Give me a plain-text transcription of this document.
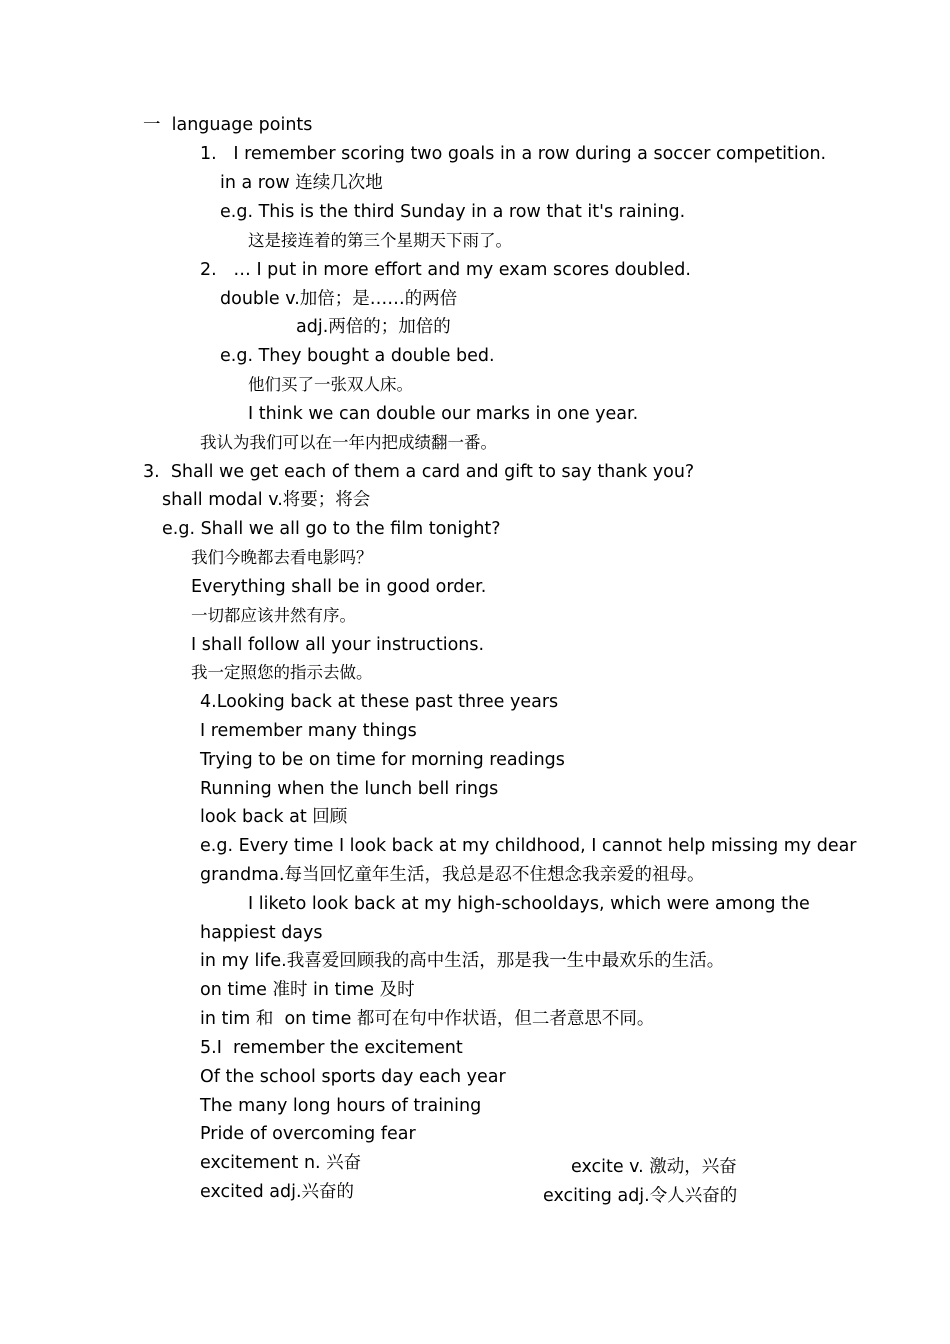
一  language points
1.   I remember scoring two goals in a row during a soccer competition.
in a row 连续几次地
e.g. This is the third Sunday in a row that it's raining.
这是接连着的第三个星期天下雨了。
2.   … I put in more effort and my exam scores doubled.
double v.加倍；是……的两倍
adj.两倍的；加倍的
e.g. They bought a double bed.
他们买了一张双人床。
I think we can double our marks in one year.
我认为我们可以在一年内把成绩翻一番。
3.  Shall we get each of them a card and gift to say thank you?
shall modal v.将要；将会
e.g. Shall we all go to the film tonight?
我们今晚都去看电影吗？
Everything shall be in good order.
一切都应该井然有序。
I shall follow all your instructions.
我一定照您的指示去做。
4.Looking back at these past three years
I remember many things
Trying to be on time for morning readings
Running when the lunch bell rings
look back at 回顾
e.g. Every time I look back at my childhood, I cannot help missing my dear
grandma.每当回忆童年生活，我总是忍不住想念我亲爱的祖母。
I liketo look back at my high-schooldays, which were among the
happiest days
in my life.我喜爱回顾我的高中生活，那是我一生中最欢乐的生活。
on time 准时 in time 及时
in tim 和  on time 都可在句中作状语，但二者意思不同。
5.I  remember the excitement
Of the school sports day each year
The many long hours of training
Pride of overcoming fear
excitement n. 兴奋	excite v. 激动，兴奋
excited adj.兴奋的	exciting adj.令人兴奋的
